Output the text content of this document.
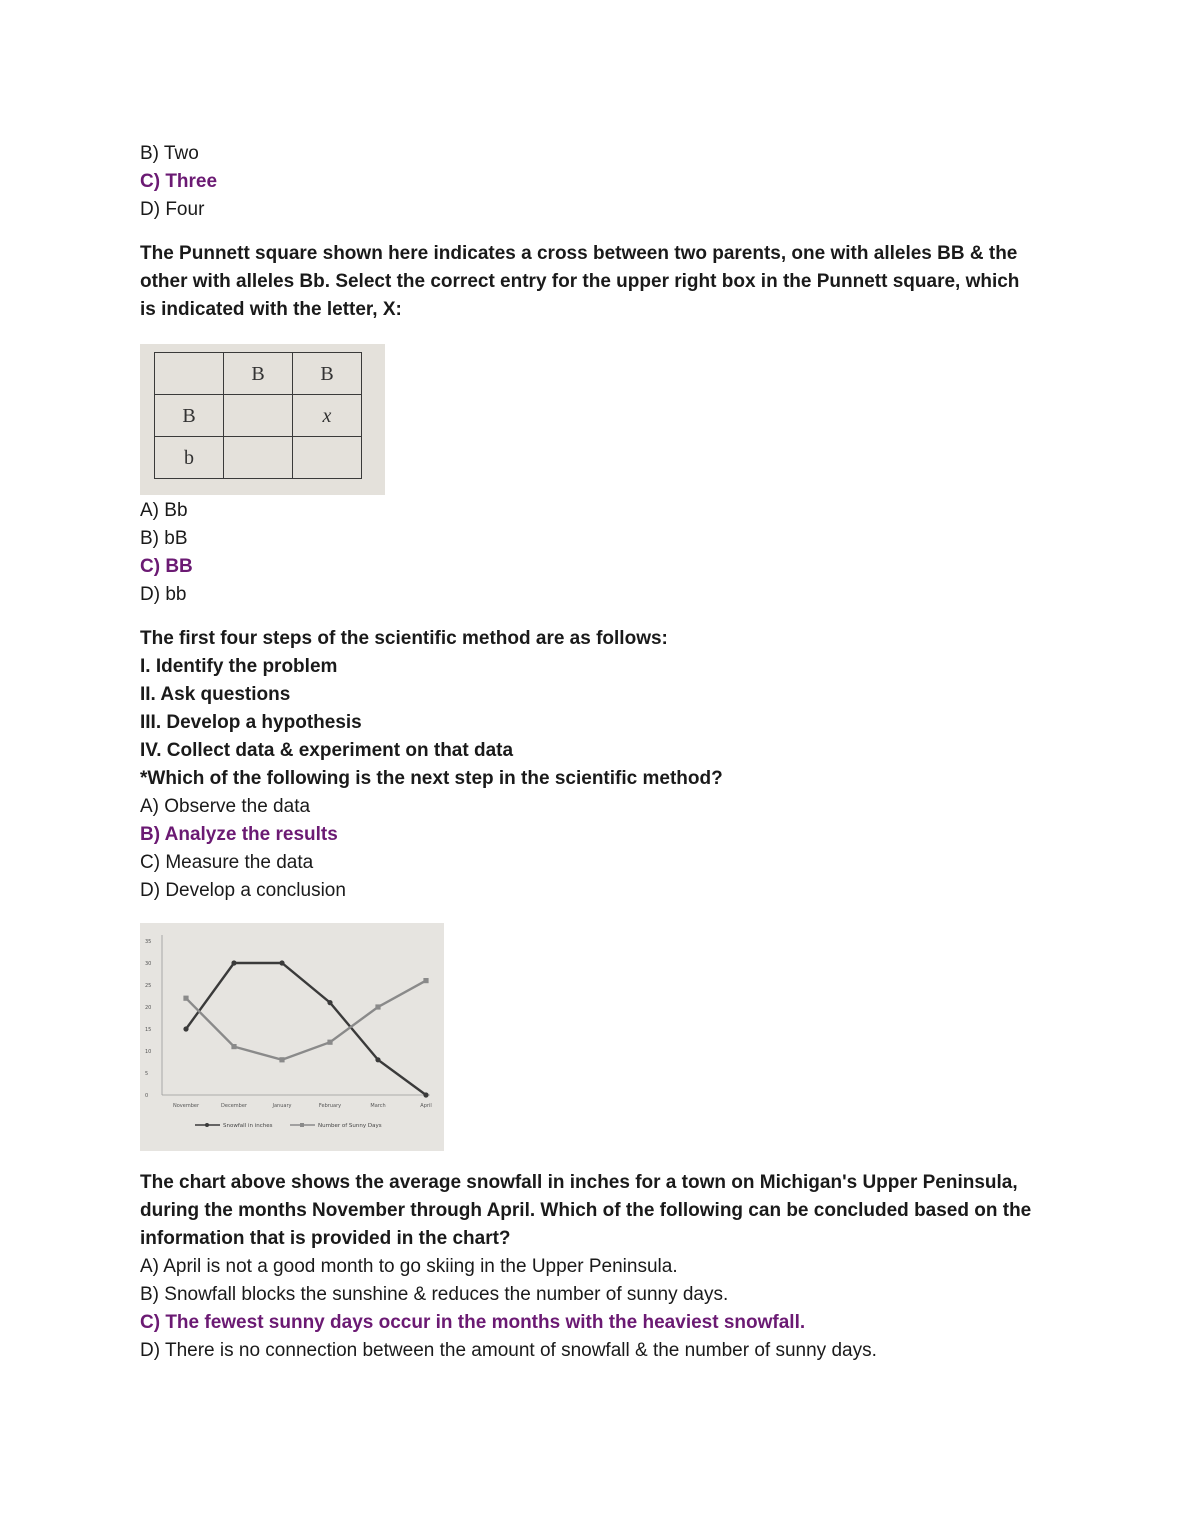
B) Two
C) Three
D) Four
The Punnett square shown here indicates a cross between two parents, one with alleles BB & the other with alleles Bb. Select the correct entry for the upper right box in the Punnett square, which is indicated with the letter, X:
	B	B
B		x
b		
A) Bb
B) bB
C) BB
D) bb
The first four steps of the scientific method are as follows:
I. Identify the problem
II. Ask questions
III. Develop a hypothesis
IV. Collect data & experiment on that data
*Which of the following is the next step in the scientific method?
A) Observe the data
B) Analyze the results
C) Measure the data
D) Develop a conclusion
35
30
25
20
15
10
5
0
November	December	January	February	March	April
Snowfall in inches	Number of Sunny Days
The chart above shows the average snowfall in inches for a town on Michigan's Upper Peninsula, during the months November through April. Which of the following can be concluded based on the information that is provided in the chart?
A) April is not a good month to go skiing in the Upper Peninsula.
B) Snowfall blocks the sunshine & reduces the number of sunny days.
C) The fewest sunny days occur in the months with the heaviest snowfall.
D) There is no connection between the amount of snowfall & the number of sunny days.
